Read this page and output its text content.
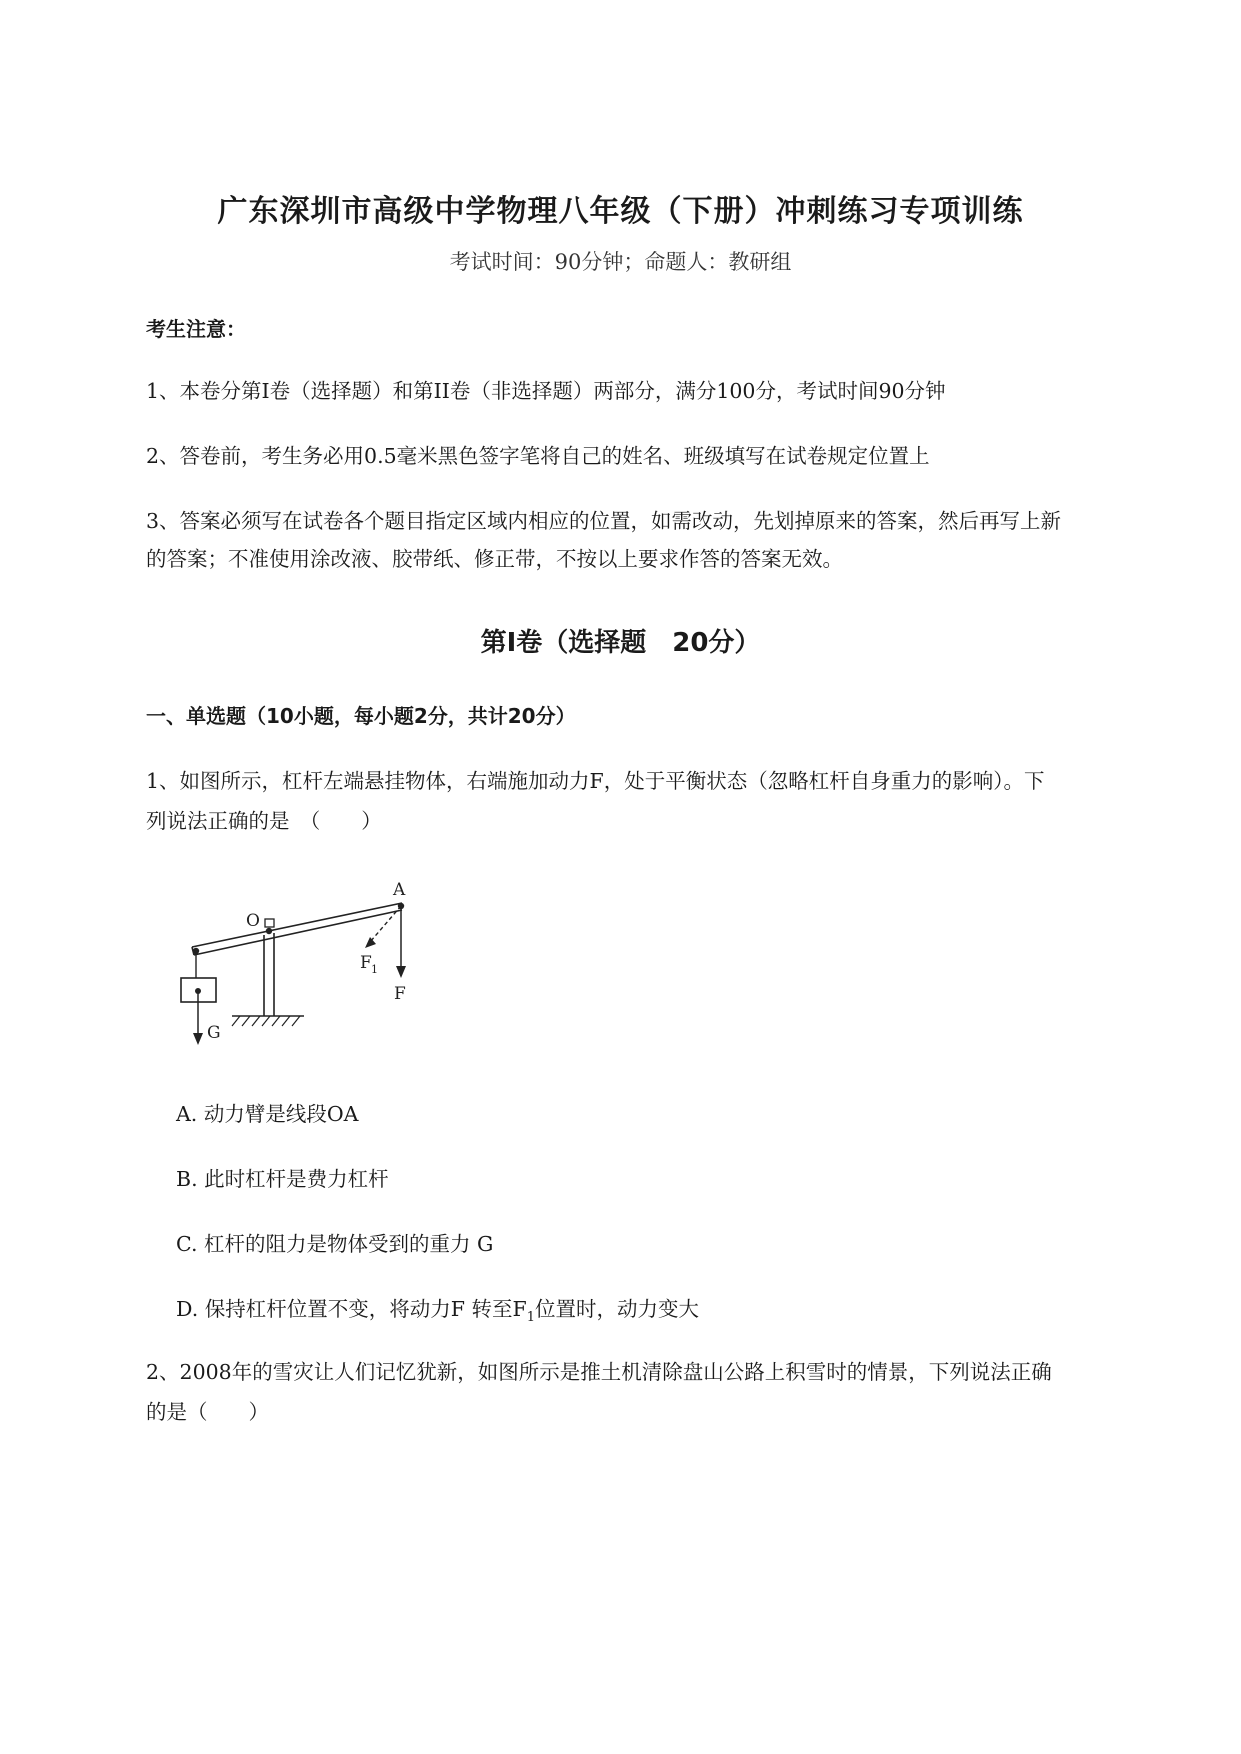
广东深圳市高级中学物理八年级（下册）冲刺练习专项训练
考试时间：90分钟；命题人：教研组
考生注意：
1、本卷分第I卷（选择题）和第II卷（非选择题）两部分，满分100分，考试时间90分钟
2、答卷前，考生务必用0.5毫米黑色签字笔将自己的姓名、班级填写在试卷规定位置上
3、答案必须写在试卷各个题目指定区域内相应的位置，如需改动，先划掉原来的答案，然后再写上新
的答案；不准使用涂改液、胶带纸、修正带，不按以上要求作答的答案无效。
第I卷（选择题　20分）
一、单选题（10小题，每小题2分，共计20分）
1、如图所示，杠杆左端悬挂物体，右端施加动力F，处于平衡状态（忽略杠杆自身重力的影响）。下
列说法正确的是　（　　）
A
O
F 1
F
G
A. 动力臂是线段OA
B. 此时杠杆是费力杠杆
C. 杠杆的阻力是物体受到的重力 G
D. 保持杠杆位置不变，将动力F 转至$F_1$位置时，动力变大
2、2008年的雪灾让人们记忆犹新，如图所示是推土机清除盘山公路上积雪时的情景，下列说法正确
的是（　　）
